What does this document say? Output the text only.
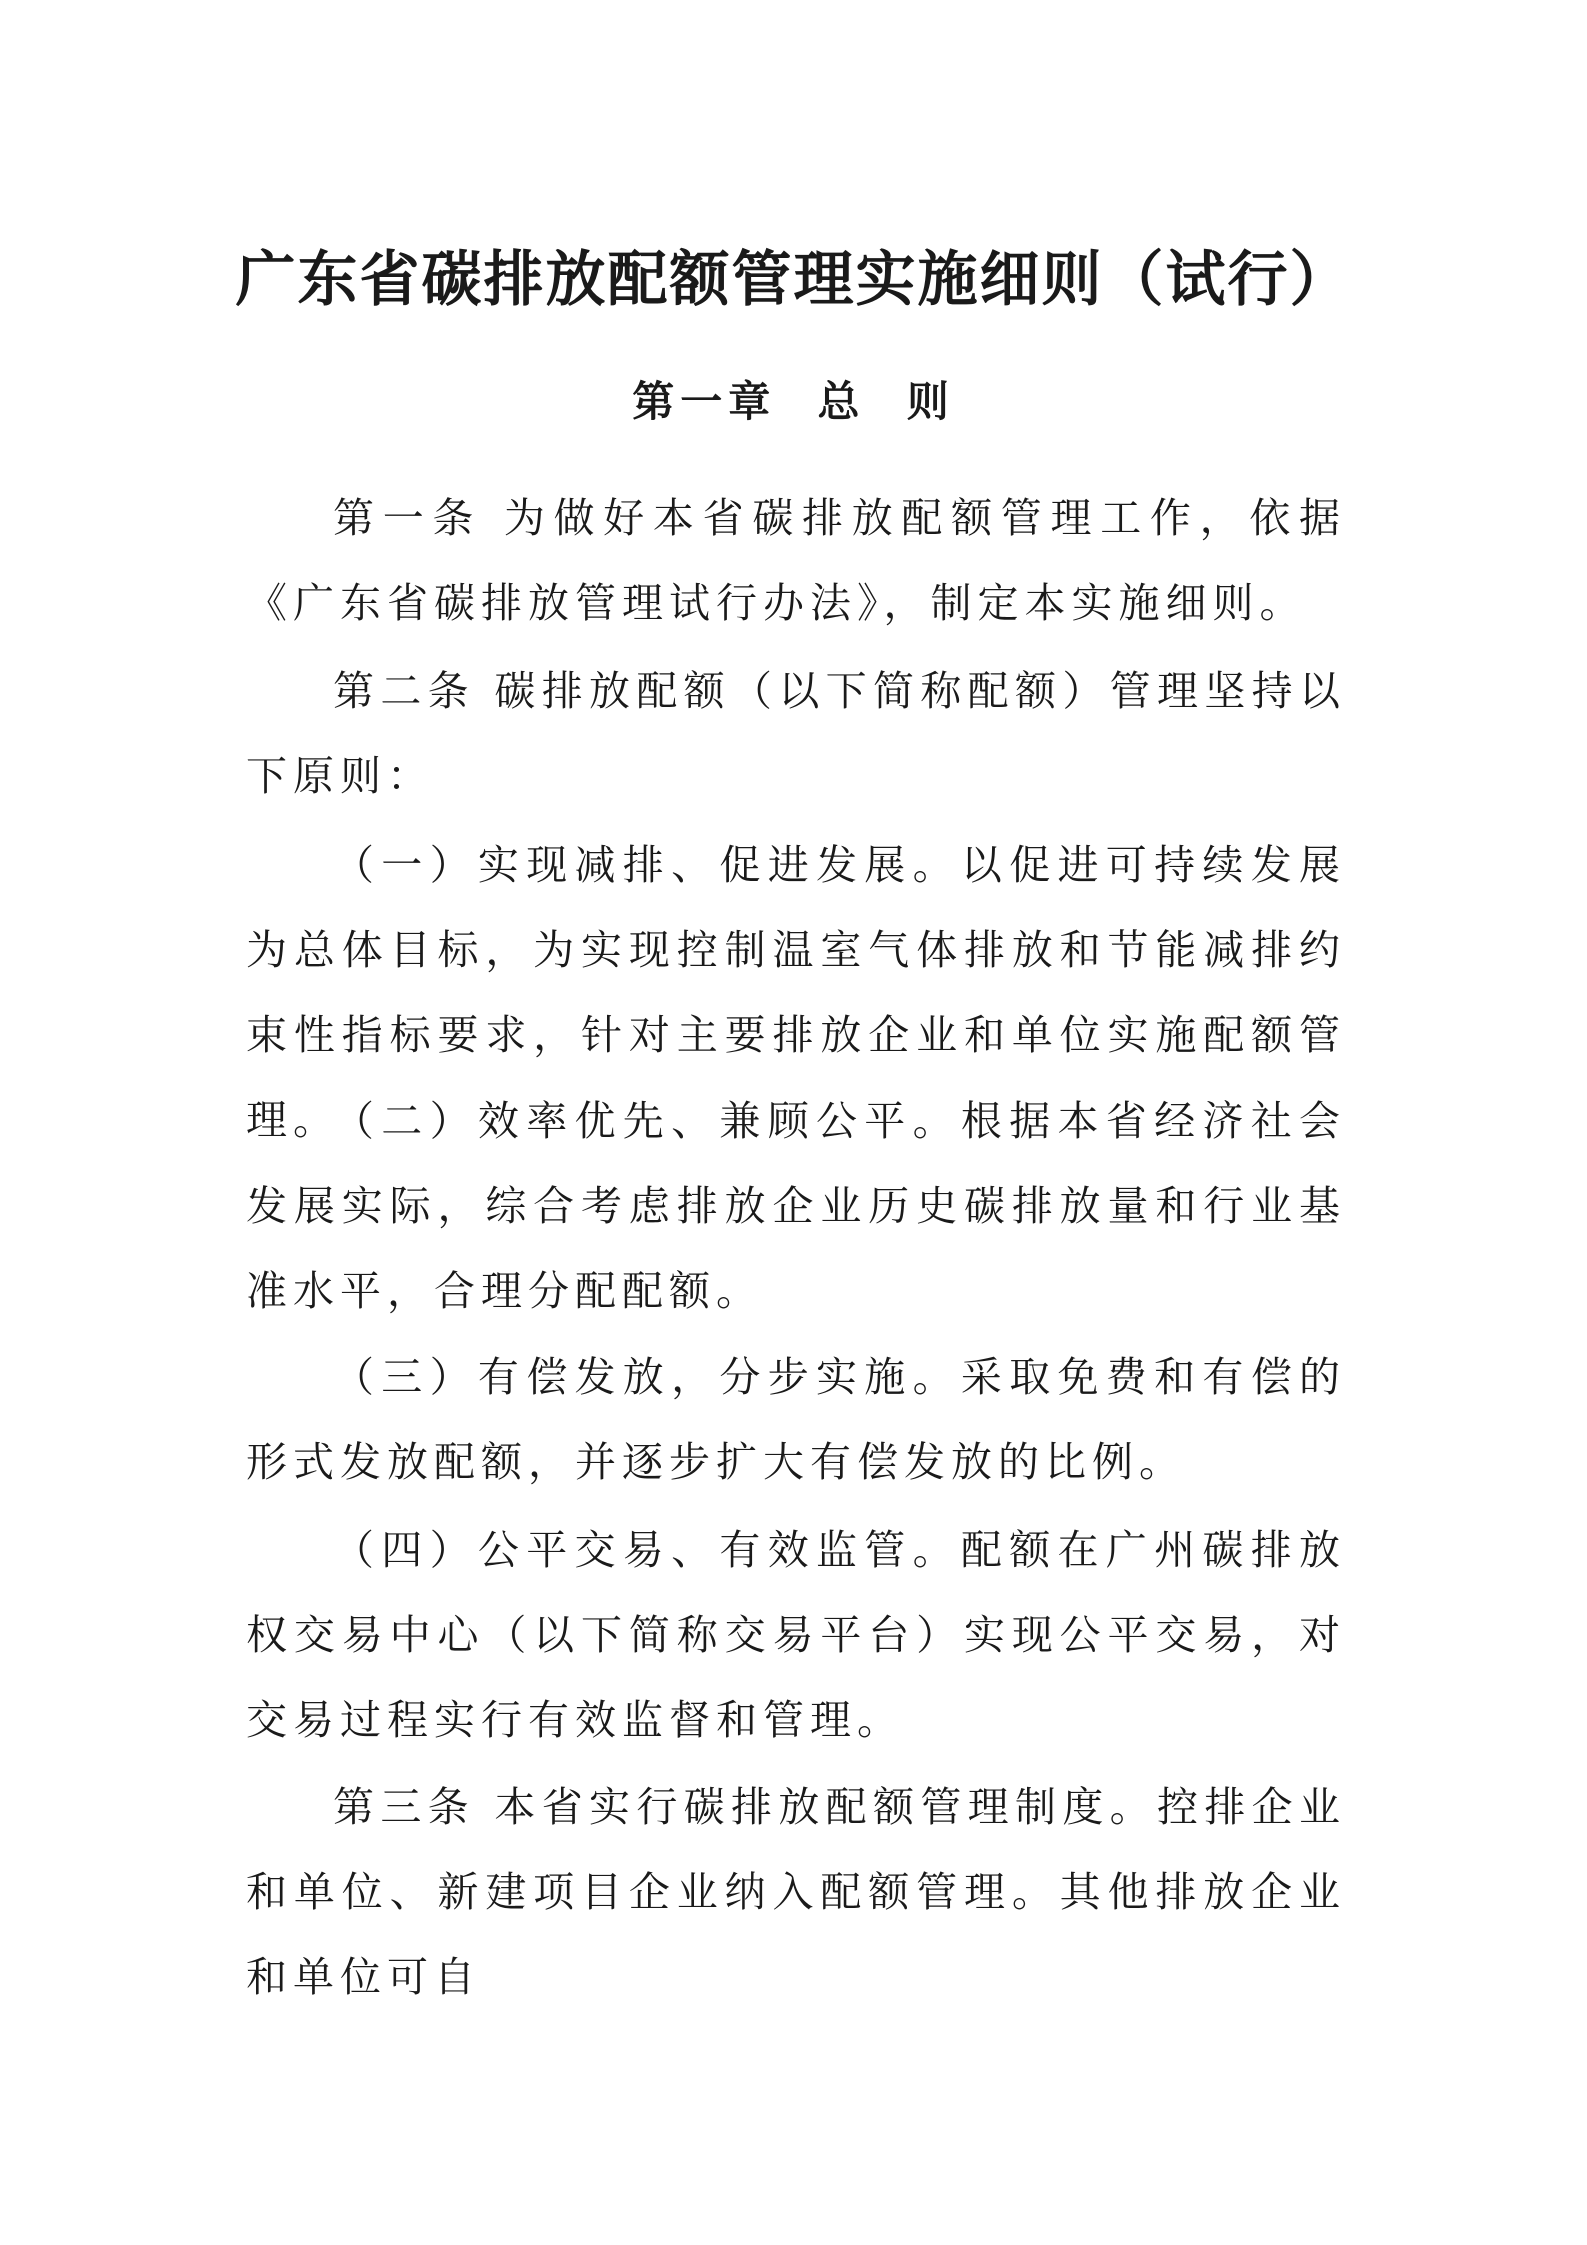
广东省碳排放配额管理实施细则（试行）
第一章  总  则

第一条 为做好本省碳排放配额管理工作，依据《广东省碳排放管理试行办法》，制定本实施细则。

第二条 碳排放配额（以下简称配额）管理坚持以下原则：

（一）实现减排、促进发展。以促进可持续发展为总体目标，为实现控制温室气体排放和节能减排约束性指标要求，针对主要排放企业和单位实施配额管理。

（二）效率优先、兼顾公平。根据本省经济社会发展实际，综合考虑排放企业历史碳排放量和行业基准水平，合理分配配额。

（三）有偿发放，分步实施。采取免费和有偿的形式发放配额，并逐步扩大有偿发放的比例。

（四）公平交易、有效监管。配额在广州碳排放权交易中心（以下简称交易平台）实现公平交易，对交易过程实行有效监督和管理。

第三条 本省实行碳排放配额管理制度。控排企业和单位、新建项目企业纳入配额管理。其他排放企业和单位可自
